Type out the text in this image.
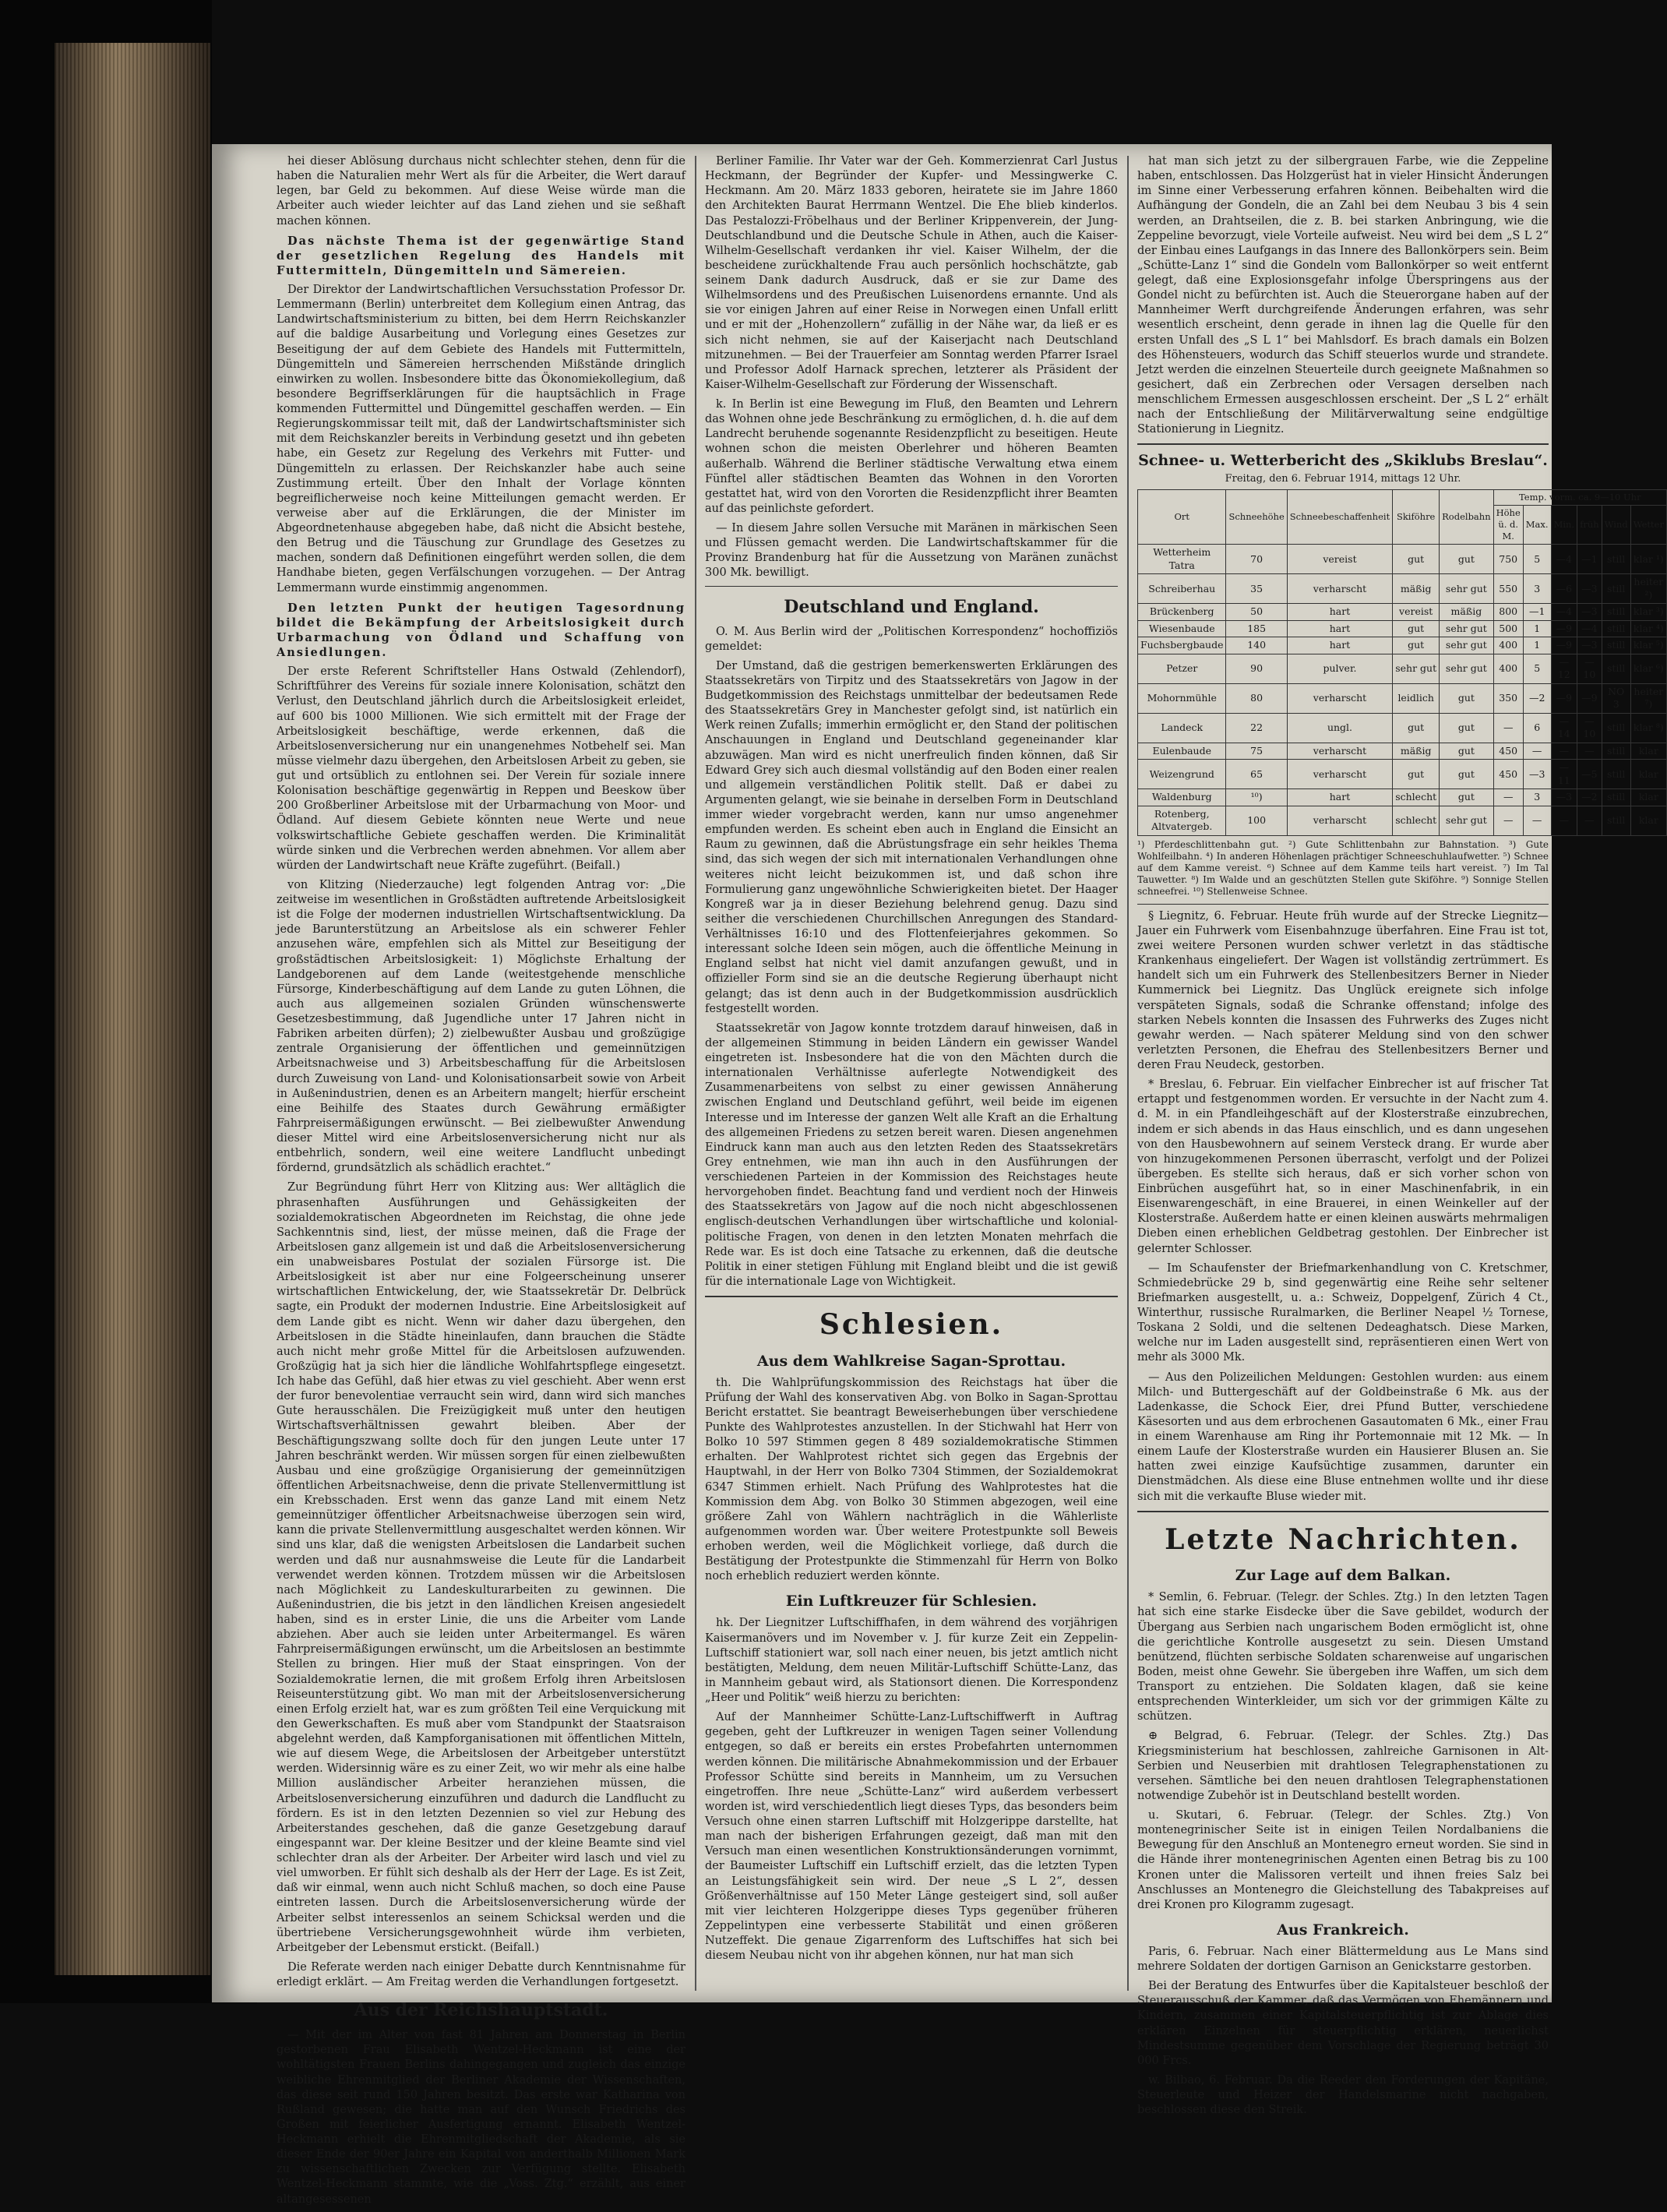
hei dieser Ablösung durchaus nicht schlechter stehen, denn für die haben die Naturalien mehr Wert als für die Arbeiter, die Wert darauf legen, bar Geld zu bekommen. Auf diese Weise würde man die Arbeiter auch wieder leichter auf das Land ziehen und sie seßhaft machen können.

Das nächste Thema ist der gegenwärtige Stand der gesetzlichen Regelung des Handels mit Futtermitteln, Düngemitteln und Sämereien.

Der Direktor der Landwirtschaftlichen Versuchsstation Professor Dr. Lemmermann (Berlin) unterbreitet dem Kollegium einen Antrag, das Landwirtschaftsministerium zu bitten, bei dem Herrn Reichskanzler auf die baldige Ausarbeitung und Vorlegung eines Gesetzes zur Beseitigung der auf dem Gebiete des Handels mit Futtermitteln, Düngemitteln und Sämereien herrschenden Mißstände dringlich einwirken zu wollen. Insbesondere bitte das Ökonomiekollegium, daß besondere Begriffserklärungen für die hauptsächlich in Frage kommenden Futtermittel und Düngemittel geschaffen werden. — Ein Regierungskommissar teilt mit, daß der Landwirtschaftsminister sich mit dem Reichskanzler bereits in Verbindung gesetzt und ihn gebeten habe, ein Gesetz zur Regelung des Verkehrs mit Futter- und Düngemitteln zu erlassen. Der Reichskanzler habe auch seine Zustimmung erteilt. Über den Inhalt der Vorlage könnten begreiflicherweise noch keine Mitteilungen gemacht werden. Er verweise aber auf die Erklärungen, die der Minister im Abgeordnetenhause abgegeben habe, daß nicht die Absicht bestehe, den Betrug und die Täuschung zur Grundlage des Gesetzes zu machen, sondern daß Definitionen eingeführt werden sollen, die dem Handhabe bieten, gegen Verfälschungen vorzugehen. — Der Antrag Lemmermann wurde einstimmig angenommen.

Den letzten Punkt der heutigen Tagesordnung bildet die Bekämpfung der Arbeitslosigkeit durch Urbarmachung von Ödland und Schaffung von Ansiedlungen.

Der erste Referent Schriftsteller Hans Ostwald (Zehlendorf), Schriftführer des Vereins für soziale innere Kolonisation, schätzt den Verlust, den Deutschland jährlich durch die Arbeitslosigkeit erleidet, auf 600 bis 1000 Millionen. Wie sich ermittelt mit der Frage der Arbeitslosigkeit beschäftige, werde erkennen, daß die Arbeitslosenversicherung nur ein unangenehmes Notbehelf sei. Man müsse vielmehr dazu übergehen, den Arbeitslosen Arbeit zu geben, sie gut und ortsüblich zu entlohnen sei. Der Verein für soziale innere Kolonisation beschäftige gegenwärtig in Reppen und Beeskow über 200 Großberliner Arbeitslose mit der Urbarmachung von Moor- und Ödland. Auf diesem Gebiete könnten neue Werte und neue volkswirtschaftliche Gebiete geschaffen werden. Die Kriminalität würde sinken und die Verbrechen werden abnehmen. Vor allem aber würden der Landwirtschaft neue Kräfte zugeführt. (Beifall.)

von Klitzing (Niederzauche) legt folgenden Antrag vor: „Die zeitweise im wesentlichen in Großstädten auftretende Arbeitslosigkeit ist die Folge der modernen industriellen Wirtschaftsentwicklung. Da jede Barunterstützung an Arbeitslose als ein schwerer Fehler anzusehen wäre, empfehlen sich als Mittel zur Beseitigung der großstädtischen Arbeitslosigkeit: 1) Möglichste Erhaltung der Landgeborenen auf dem Lande (weitestgehende menschliche Fürsorge, Kinderbeschäftigung auf dem Lande zu guten Löhnen, die auch aus allgemeinen sozialen Gründen wünschenswerte Gesetzesbestimmung, daß Jugendliche unter 17 Jahren nicht in Fabriken arbeiten dürfen); 2) zielbewußter Ausbau und großzügige zentrale Organisierung der öffentlichen und gemeinnützigen Arbeitsnachweise und 3) Arbeitsbeschaffung für die Arbeitslosen durch Zuweisung von Land- und Kolonisationsarbeit sowie von Arbeit in Außenindustrien, denen es an Arbeitern mangelt; hierfür erscheint eine Beihilfe des Staates durch Gewährung ermäßigter Fahrpreisermäßigungen erwünscht. — Bei zielbewußter Anwendung dieser Mittel wird eine Arbeitslosenversicherung nicht nur als entbehrlich, sondern, weil eine weitere Landflucht unbedingt fördernd, grundsätzlich als schädlich erachtet.“

Zur Begründung führt Herr von Klitzing aus: Wer alltäglich die phrasenhaften Ausführungen und Gehässigkeiten der sozialdemokratischen Abgeordneten im Reichstag, die ohne jede Sachkenntnis sind, liest, der müsse meinen, daß die Frage der Arbeitslosen ganz allgemein ist und daß die Arbeitslosenversicherung ein unabweisbares Postulat der sozialen Fürsorge ist. Die Arbeitslosigkeit ist aber nur eine Folgeerscheinung unserer wirtschaftlichen Entwickelung, der, wie Staatssekretär Dr. Delbrück sagte, ein Produkt der modernen Industrie. Eine Arbeitslosigkeit auf dem Lande gibt es nicht. Wenn wir daher dazu übergehen, den Arbeitslosen in die Städte hineinlaufen, dann brauchen die Städte auch nicht mehr große Mittel für die Arbeitslosen aufzuwenden. Großzügig hat ja sich hier die ländliche Wohlfahrtspflege eingesetzt. Ich habe das Gefühl, daß hier etwas zu viel geschieht. Aber wenn erst der furor benevolentiae verraucht sein wird, dann wird sich manches Gute herausschälen. Die Freizügigkeit muß unter den heutigen Wirtschaftsverhältnissen gewahrt bleiben. Aber der Beschäftigungszwang sollte doch für den jungen Leute unter 17 Jahren beschränkt werden. Wir müssen sorgen für einen zielbewußten Ausbau und eine großzügige Organisierung der gemeinnützigen öffentlichen Arbeitsnachweise, denn die private Stellenvermittlung ist ein Krebsschaden. Erst wenn das ganze Land mit einem Netz gemeinnütziger öffentlicher Arbeitsnachweise überzogen sein wird, kann die private Stellenvermittlung ausgeschaltet werden können. Wir sind uns klar, daß die wenigsten Arbeitslosen die Landarbeit suchen werden und daß nur ausnahmsweise die Leute für die Landarbeit verwendet werden können. Trotzdem müssen wir die Arbeitslosen nach Möglichkeit zu Landeskulturarbeiten zu gewinnen. Die Außenindustrien, die bis jetzt in den ländlichen Kreisen angesiedelt haben, sind es in erster Linie, die uns die Arbeiter vom Lande abziehen. Aber auch sie leiden unter Arbeitermangel. Es wären Fahrpreisermäßigungen erwünscht, um die Arbeitslosen an bestimmte Stellen zu bringen. Hier muß der Staat einspringen. Von der Sozialdemokratie lernen, die mit großem Erfolg ihren Arbeitslosen Reiseunterstützung gibt. Wo man mit der Arbeitslosenversicherung einen Erfolg erzielt hat, war es zum größten Teil eine Verquickung mit den Gewerkschaften. Es muß aber vom Standpunkt der Staatsraison abgelehnt werden, daß Kampforganisationen mit öffentlichen Mitteln, wie auf diesem Wege, die Arbeitslosen der Arbeitgeber unterstützt werden. Widersinnig wäre es zu einer Zeit, wo wir mehr als eine halbe Million ausländischer Arbeiter heranziehen müssen, die Arbeitslosenversicherung einzuführen und dadurch die Landflucht zu fördern. Es ist in den letzten Dezennien so viel zur Hebung des Arbeiterstandes geschehen, daß die ganze Gesetzgebung darauf eingespannt war. Der kleine Besitzer und der kleine Beamte sind viel schlechter dran als der Arbeiter. Der Arbeiter wird lasch und viel zu viel umworben. Er fühlt sich deshalb als der Herr der Lage. Es ist Zeit, daß wir einmal, wenn auch nicht Schluß machen, so doch eine Pause eintreten lassen. Durch die Arbeitslosenversicherung würde der Arbeiter selbst interessenlos an seinem Schicksal werden und die übertriebene Versicherungsgewohnheit würde ihm verbieten, Arbeitgeber der Lebensmut erstickt. (Beifall.)

Die Referate werden nach einiger Debatte durch Kenntnisnahme für erledigt erklärt. — Am Freitag werden die Verhandlungen fortgesetzt.

Aus der Reichshauptstadt.

— Mit der im Alter von fast 81 Jahren am Donnerstag in Berlin gestorbenen Frau Elisabeth Wentzel-Heckmann ist eine der wohltätigsten Frauen Berlins dahingegangen und zugleich das einzige weibliche Ehrenmitglied der Berliner Akademie der Wissenschaften, das diese seit rund 150 Jahren besitzt. Das erste war Katharina von Rußland gewesen; die hatte man auf den Wunsch Friedrichs des Großen mit feierlicher Ausfertigung ernannt. Elisabeth Wentzel-Heckmann erhielt die Ehrenmitgliedschaft der Akademie, als sie dieser Ende der 90er Jahre ein Kapital von anderthalb Millionen Mark zu wissenschaftlichen Zwecken zur Verfügung stellte. Elisabeth Wentzel-Heckmann stammte, wie die „Voss. Ztg.“ erzählt, aus einer altangesessenen

Berliner Familie. Ihr Vater war der Geh. Kommerzienrat Carl Justus Heckmann, der Begründer der Kupfer- und Messingwerke C. Heckmann. Am 20. März 1833 geboren, heiratete sie im Jahre 1860 den Architekten Baurat Herrmann Wentzel. Die Ehe blieb kinderlos. Das Pestalozzi-Fröbelhaus und der Berliner Krippenverein, der Jung-Deutschlandbund und die Deutsche Schule in Athen, auch die Kaiser-Wilhelm-Gesellschaft verdanken ihr viel. Kaiser Wilhelm, der die bescheidene zurückhaltende Frau auch persönlich hochschätzte, gab seinem Dank dadurch Ausdruck, daß er sie zur Dame des Wilhelmsordens und des Preußischen Luisenordens ernannte. Und als sie vor einigen Jahren auf einer Reise in Norwegen einen Unfall erlitt und er mit der „Hohenzollern“ zufällig in der Nähe war, da ließ er es sich nicht nehmen, sie auf der Kaiserjacht nach Deutschland mitzunehmen. — Bei der Trauerfeier am Sonntag werden Pfarrer Israel und Professor Adolf Harnack sprechen, letzterer als Präsident der Kaiser-Wilhelm-Gesellschaft zur Förderung der Wissenschaft.

k. In Berlin ist eine Bewegung im Fluß, den Beamten und Lehrern das Wohnen ohne jede Beschränkung zu ermöglichen, d. h. die auf dem Landrecht beruhende sogenannte Residenzpflicht zu beseitigen. Heute wohnen schon die meisten Oberlehrer und höheren Beamten außerhalb. Während die Berliner städtische Verwaltung etwa einem Fünftel aller städtischen Beamten das Wohnen in den Vororten gestattet hat, wird von den Vororten die Residenzpflicht ihrer Beamten auf das peinlichste gefordert.

— In diesem Jahre sollen Versuche mit Maränen in märkischen Seen und Flüssen gemacht werden. Die Landwirtschaftskammer für die Provinz Brandenburg hat für die Aussetzung von Maränen zunächst 300 Mk. bewilligt.

Deutschland und England.

O. M. Aus Berlin wird der „Politischen Korrespondenz“ hochoffiziös gemeldet:

Der Umstand, daß die gestrigen bemerkenswerten Erklärungen des Staatssekretärs von Tirpitz und des Staatssekretärs von Jagow in der Budgetkommission des Reichstags unmittelbar der bedeutsamen Rede des Staatssekretärs Grey in Manchester gefolgt sind, ist natürlich ein Werk reinen Zufalls; immerhin ermöglicht er, den Stand der politischen Anschauungen in England und Deutschland gegeneinander klar abzuwägen. Man wird es nicht unerfreulich finden können, daß Sir Edward Grey sich auch diesmal vollständig auf den Boden einer realen und allgemein verständlichen Politik stellt. Daß er dabei zu Argumenten gelangt, wie sie beinahe in derselben Form in Deutschland immer wieder vorgebracht werden, kann nur umso angenehmer empfunden werden. Es scheint eben auch in England die Einsicht an Raum zu gewinnen, daß die Abrüstungsfrage ein sehr heikles Thema sind, das sich wegen der sich mit internationalen Verhandlungen ohne weiteres nicht leicht beizukommen ist, und daß schon ihre Formulierung ganz ungewöhnliche Schwierigkeiten bietet. Der Haager Kongreß war ja in dieser Beziehung belehrend genug. Dazu sind seither die verschiedenen Churchillschen Anregungen des Standard-Verhältnisses 16:10 und des Flottenfeierjahres gekommen. So interessant solche Ideen sein mögen, auch die öffentliche Meinung in England selbst hat nicht viel damit anzufangen gewußt, und in offizieller Form sind sie an die deutsche Regierung überhaupt nicht gelangt; das ist denn auch in der Budgetkommission ausdrücklich festgestellt worden.

Staatssekretär von Jagow konnte trotzdem darauf hinweisen, daß in der allgemeinen Stimmung in beiden Ländern ein gewisser Wandel eingetreten ist. Insbesondere hat die von den Mächten durch die internationalen Verhältnisse auferlegte Notwendigkeit des Zusammenarbeitens von selbst zu einer gewissen Annäherung zwischen England und Deutschland geführt, weil beide im eigenen Interesse und im Interesse der ganzen Welt alle Kraft an die Erhaltung des allgemeinen Friedens zu setzen bereit waren. Diesen angenehmen Eindruck kann man auch aus den letzten Reden des Staatssekretärs Grey entnehmen, wie man ihn auch in den Ausführungen der verschiedenen Parteien in der Kommission des Reichstages heute hervorgehoben findet. Beachtung fand und verdient noch der Hinweis des Staatssekretärs von Jagow auf die noch nicht abgeschlossenen englisch-deutschen Verhandlungen über wirtschaftliche und kolonial-politische Fragen, von denen in den letzten Monaten mehrfach die Rede war. Es ist doch eine Tatsache zu erkennen, daß die deutsche Politik in einer stetigen Fühlung mit England bleibt und die ist gewiß für die internationale Lage von Wichtigkeit.

Schlesien.
Aus dem Wahlkreise Sagan-Sprottau.

th. Die Wahlprüfungskommission des Reichstags hat über die Prüfung der Wahl des konservativen Abg. von Bolko in Sagan-Sprottau Bericht erstattet. Sie beantragt Beweiserhebungen über verschiedene Punkte des Wahlprotestes anzustellen. In der Stichwahl hat Herr von Bolko 10 597 Stimmen gegen 8 489 sozialdemokratische Stimmen erhalten. Der Wahlprotest richtet sich gegen das Ergebnis der Hauptwahl, in der Herr von Bolko 7304 Stimmen, der Sozialdemokrat 6347 Stimmen erhielt. Nach Prüfung des Wahlprotestes hat die Kommission dem Abg. von Bolko 30 Stimmen abgezogen, weil eine größere Zahl von Wählern nachträglich in die Wählerliste aufgenommen worden war. Über weitere Protestpunkte soll Beweis erhoben werden, weil die Möglichkeit vorliege, daß durch die Bestätigung der Protestpunkte die Stimmenzahl für Herrn von Bolko noch erheblich reduziert werden könnte.

Ein Luftkreuzer für Schlesien.

hk. Der Liegnitzer Luftschiffhafen, in dem während des vorjährigen Kaisermanövers und im November v. J. für kurze Zeit ein Zeppelin-Luftschiff stationiert war, soll nach einer neuen, bis jetzt amtlich nicht bestätigten, Meldung, dem neuen Militär-Luftschiff Schütte-Lanz, das in Mannheim gebaut wird, als Stationsort dienen. Die Korrespondenz „Heer und Politik“ weiß hierzu zu berichten:

Auf der Mannheimer Schütte-Lanz-Luftschiffwerft in Auftrag gegeben, geht der Luftkreuzer in wenigen Tagen seiner Vollendung entgegen, so daß er bereits ein erstes Probefahrten unternommen werden können. Die militärische Abnahmekommission und der Erbauer Professor Schütte sind bereits in Mannheim, um zu Versuchen eingetroffen. Ihre neue „Schütte-Lanz“ wird außerdem verbessert worden ist, wird verschiedentlich liegt dieses Typs, das besonders beim Versuch ohne einen starren Luftschiff mit Holzgerippe darstellte, hat man nach der bisherigen Erfahrungen gezeigt, daß man mit den Versuch man einen wesentlichen Konstruktionsänderungen vornimmt, der Baumeister Luftschiff ein Luftschiff erzielt, das die letzten Typen an Leistungsfähigkeit sein wird. Der neue „S L 2“, dessen Größenverhältnisse auf 150 Meter Länge gesteigert sind, soll außer mit vier leichteren Holzgerippe dieses Typs gegenüber früheren Zeppelintypen eine verbesserte Stabilität und einen größeren Nutzeffekt. Die genaue Zigarrenform des Luftschiffes hat sich bei diesem Neubau nicht von ihr abgehen können, nur hat man sich

hat man sich jetzt zu der silbergrauen Farbe, wie die Zeppeline haben, entschlossen. Das Holzgerüst hat in vieler Hinsicht Änderungen im Sinne einer Verbesserung erfahren können. Beibehalten wird die Aufhängung der Gondeln, die an Zahl bei dem Neubau 3 bis 4 sein werden, an Drahtseilen, die z. B. bei starken Anbringung, wie die Zeppeline bevorzugt, viele Vorteile aufweist. Neu wird bei dem „S L 2“ der Einbau eines Laufgangs in das Innere des Ballonkörpers sein. Beim „Schütte-Lanz 1“ sind die Gondeln vom Ballonkörper so weit entfernt gelegt, daß eine Explosionsgefahr infolge Überspringens aus der Gondel nicht zu befürchten ist. Auch die Steuerorgane haben auf der Mannheimer Werft durchgreifende Änderungen erfahren, was sehr wesentlich erscheint, denn gerade in ihnen lag die Quelle für den ersten Unfall des „S L 1“ bei Mahlsdorf. Es brach damals ein Bolzen des Höhensteuers, wodurch das Schiff steuerlos wurde und strandete. Jetzt werden die einzelnen Steuerteile durch geeignete Maßnahmen so gesichert, daß ein Zerbrechen oder Versagen derselben nach menschlichem Ermessen ausgeschlossen erscheint. Der „S L 2“ erhält nach der Entschließung der Militärverwaltung seine endgültige Stationierung in Liegnitz.

Schnee- u. Wetterbericht des „Skiklubs Breslau“.
Freitag, den 6. Februar 1914, mittags 12 Uhr.
Ort	Schneehöhe	Schneebeschaffenheit	Skiföhre	Rodelbahn	Temp. vorm. ca. 9—10 Uhr					
					Höhe ü. d. M.	Max.	Min.	früh	Wind	Wetter
Wetterheim Tatra	70	vereist	gut	gut	750	5	—4	—1	still	klar ¹)
Schreiberhau	35	verharscht	mäßig	sehr gut	550	3	—6	—3	still	heiter ²)
Brückenberg	50	hart	vereist	mäßig	800	—1	—4	—3	still	klar ³)
Wiesenbaude	185	hart	gut	sehr gut	500	1	—9	—4	still	klar ⁴)
Fuchsbergbaude	140	hart	gut	sehr gut	400	1	—9	—3	still	klar ⁵)
Petzer	90	pulver.	sehr gut	sehr gut	400	5	—12	—10	still	klar ⁶)
Mohornmühle	80	verharscht	leidlich	gut	350	—2	—9	—9	NO 3	heiter ⁷)
Landeck	22	ungl.	gut	gut	—	6	—14	—10	still	klar ⁸)
Eulenbaude	75	verharscht	mäßig	gut	450	—	—	—	still	klar
Weizengrund	65	verharscht	gut	gut	450	—3	—11	—5	still	klar
Waldenburg	¹⁰)	hart	schlecht	gut	—	3	—3	—2	still	klar
Rotenberg, Altvatergeb.	100	verharscht	schlecht	sehr gut	—	—	—	—	still	klar
¹) Pferdeschlittenbahn gut. ²) Gute Schlittenbahn zur Bahnstation. ³) Gute Wohlfeilbahn. ⁴) In anderen Höhenlagen prächtiger Schneeschuhlaufwetter. ⁵) Schnee auf dem Kamme vereist. ⁶) Schnee auf dem Kamme teils hart vereist. ⁷) Im Tal Tauwetter. ⁸) Im Walde und an geschützten Stellen gute Skiföhre. ⁹) Sonnige Stellen schneefrei. ¹⁰) Stellenweise Schnee.

§ Liegnitz, 6. Februar. Heute früh wurde auf der Strecke Liegnitz—Jauer ein Fuhrwerk vom Eisenbahnzuge überfahren. Eine Frau ist tot, zwei weitere Personen wurden schwer verletzt in das städtische Krankenhaus eingeliefert. Der Wagen ist vollständig zertrümmert. Es handelt sich um ein Fuhrwerk des Stellenbesitzers Berner in Nieder Kummernick bei Liegnitz. Das Unglück ereignete sich infolge verspäteten Signals, sodaß die Schranke offenstand; infolge des starken Nebels konnten die Insassen des Fuhrwerks des Zuges nicht gewahr werden. — Nach späterer Meldung sind von den schwer verletzten Personen, die Ehefrau des Stellenbesitzers Berner und deren Frau Neudeck, gestorben.

* Breslau, 6. Februar. Ein vielfacher Einbrecher ist auf frischer Tat ertappt und festgenommen worden. Er versuchte in der Nacht zum 4. d. M. in ein Pfandleihgeschäft auf der Klosterstraße einzubrechen, indem er sich abends in das Haus einschlich, und es dann ungesehen von den Hausbewohnern auf seinem Versteck drang. Er wurde aber von hinzugekommenen Personen überrascht, verfolgt und der Polizei übergeben. Es stellte sich heraus, daß er sich vorher schon von Einbrüchen ausgeführt hat, so in einer Maschinenfabrik, in ein Eisenwarengeschäft, in eine Brauerei, in einen Weinkeller auf der Klosterstraße. Außerdem hatte er einen kleinen auswärts mehrmaligen Dieben einen erheblichen Geldbetrag gestohlen. Der Einbrecher ist gelernter Schlosser.

— Im Schaufenster der Briefmarkenhandlung von C. Kretschmer, Schmiedebrücke 29 b, sind gegenwärtig eine Reihe sehr seltener Briefmarken ausgestellt, u. a.: Schweiz, Doppelgenf, Zürich 4 Ct., Winterthur, russische Ruralmarken, die Berliner Neapel ½ Tornese, Toskana 2 Soldi, und die seltenen Dedeaghatsch. Diese Marken, welche nur im Laden ausgestellt sind, repräsentieren einen Wert von mehr als 3000 Mk.

— Aus den Polizeilichen Meldungen: Gestohlen wurden: aus einem Milch- und Buttergeschäft auf der Goldbeinstraße 6 Mk. aus der Ladenkasse, die Schock Eier, drei Pfund Butter, verschiedene Käsesorten und aus dem erbrochenen Gasautomaten 6 Mk., einer Frau in einem Warenhause am Ring ihr Portemonnaie mit 12 Mk. — In einem Laufe der Klosterstraße wurden ein Hausierer Blusen an. Sie hatten zwei einzige Kaufsüchtige zusammen, darunter ein Dienstmädchen. Als diese eine Bluse entnehmen wollte und ihr diese sich mit die verkaufte Bluse wieder mit.

Letzte Nachrichten.
Zur Lage auf dem Balkan.

* Semlin, 6. Februar. (Telegr. der Schles. Ztg.) In den letzten Tagen hat sich eine starke Eisdecke über die Save gebildet, wodurch der Übergang aus Serbien nach ungarischem Boden ermöglicht ist, ohne die gerichtliche Kontrolle ausgesetzt zu sein. Diesen Umstand benützend, flüchten serbische Soldaten scharenweise auf ungarischen Boden, meist ohne Gewehr. Sie übergeben ihre Waffen, um sich dem Transport zu entziehen. Die Soldaten klagen, daß sie keine entsprechenden Winterkleider, um sich vor der grimmigen Kälte zu schützen.

⊕ Belgrad, 6. Februar. (Telegr. der Schles. Ztg.) Das Kriegsministerium hat beschlossen, zahlreiche Garnisonen in Alt-Serbien und Neuserbien mit drahtlosen Telegraphenstationen zu versehen. Sämtliche bei den neuen drahtlosen Telegraphenstationen notwendige Zubehör ist in Deutschland bestellt worden.

u. Skutari, 6. Februar. (Telegr. der Schles. Ztg.) Von montenegrinischer Seite ist in einigen Teilen Nordalbaniens die Bewegung für den Anschluß an Montenegro erneut worden. Sie sind in die Hände ihrer montenegrinischen Agenten einen Betrag bis zu 100 Kronen unter die Malissoren verteilt und ihnen freies Salz bei Anschlusses an Montenegro die Gleichstellung des Tabakpreises auf drei Kronen pro Kilogramm zugesagt.

Aus Frankreich.

Paris, 6. Februar. Nach einer Blättermeldung aus Le Mans sind mehrere Soldaten der dortigen Garnison an Genickstarre gestorben.

Bei der Beratung des Entwurfes über die Kapitalsteuer beschloß der Steuerausschuß der Kammer, daß das Vermögen von Ehemännern und Kindern, zusammen einer Kapitalsteuerpflichtig ist zur Ablage dies erklären Einzelnen für steuerpflichtig erklären, neuerlichst Mindestsumme gegenüber dem Vorschlage der Regierung beträgt 30 000 Frcs.

w. Bilbao, 6. Februar. Da die Reeder den Forderungen der Kapitäne, Steuerleute und Heizer der Handelsmarine nicht nachgaben, beschlossen diese den Streik.
